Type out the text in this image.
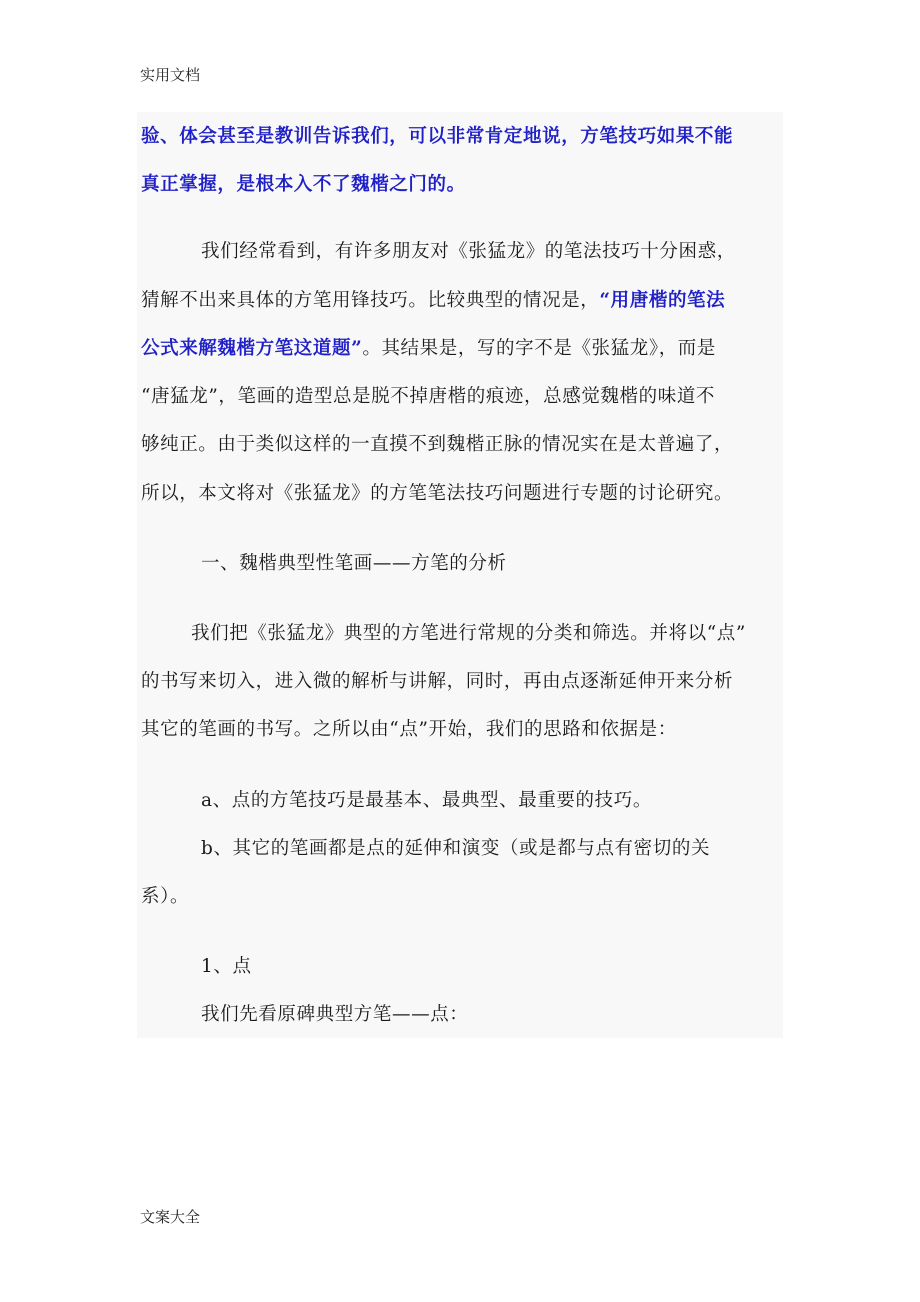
实用文档
验、体会甚至是教训告诉我们，可以非常肯定地说，方笔技巧如果不能
真正掌握，是根本入不了魏楷之门的。
我们经常看到，有许多朋友对《张猛龙》的笔法技巧十分困惑，
猜解不出来具体的方笔用锋技巧。比较典型的情况是，“用唐楷的笔法
公式来解魏楷方笔这道题”。其结果是，写的字不是《张猛龙》，而是
“唐猛龙”，笔画的造型总是脱不掉唐楷的痕迹，总感觉魏楷的味道不
够纯正。由于类似这样的一直摸不到魏楷正脉的情况实在是太普遍了，
所以，本文将对《张猛龙》的方笔笔法技巧问题进行专题的讨论研究。
一、魏楷典型性笔画——方笔的分析
我们把《张猛龙》典型的方笔进行常规的分类和筛选。并将以“点”
的书写来切入，进入微的解析与讲解，同时，再由点逐渐延伸开来分析
其它的笔画的书写。之所以由“点”开始，我们的思路和依据是：
a、点的方笔技巧是最基本、最典型、最重要的技巧。
b、其它的笔画都是点的延伸和演变（或是都与点有密切的关
系）。
1、点
我们先看原碑典型方笔——点：
文案大全
